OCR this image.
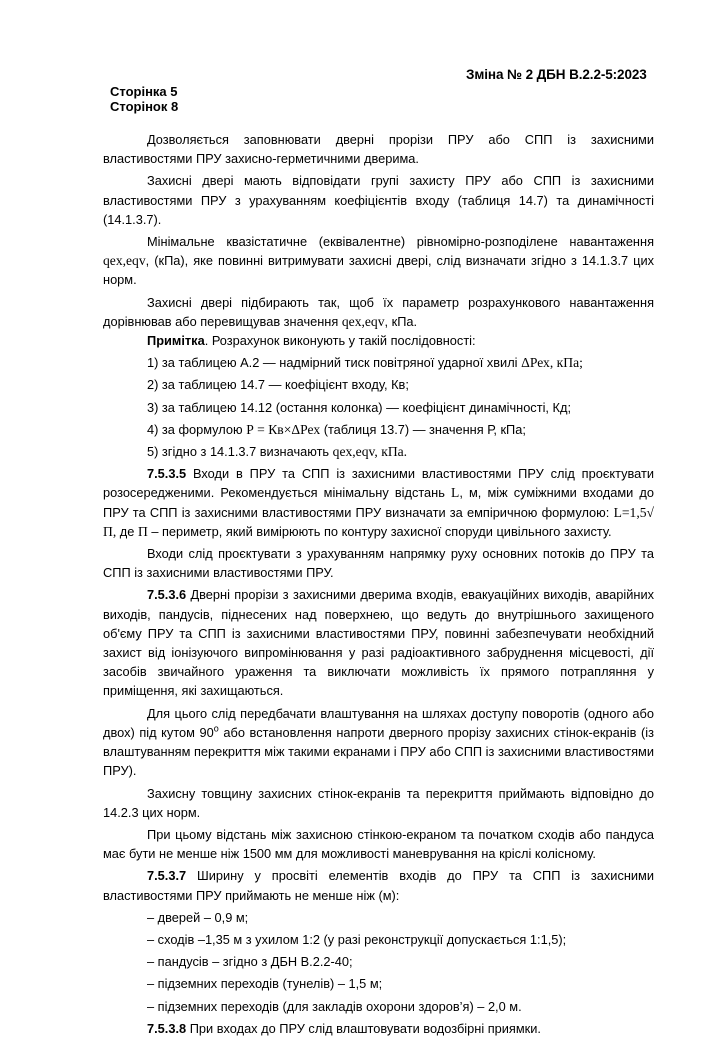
Зміна № 2 ДБН В.2.2-5:2023
Сторінка 5
Сторінок 8

Дозволяється заповнювати дверні прорізи ПРУ або СПП із захисними властивостями ПРУ захисно-герметичними дверима.

Захисні двері мають відповідати групі захисту ПРУ або СПП із захисними властивостями ПРУ з урахуванням коефіцієнтів входу (таблиця 14.7) та динамічності (14.1.3.7).

Мінімальне квазістатичне (еквівалентне) рівномірно-розподілене навантаження qex,eqv, (кПа), яке повинні витримувати захисні двері, слід визначати згідно з 14.1.3.7 цих норм.

Захисні двері підбирають так, щоб їх параметр розрахункового навантаження дорівнював або перевищував значення qex,eqv, кПа.

Примітка. Розрахунок виконують у такій послідовності:

1) за таблицею А.2 — надмірний тиск повітряної ударної хвилі ΔРех, кПа;

2) за таблицею 14.7 — коефіцієнт входу, Кв;

3) за таблицею 14.12 (остання колонка) — коефіцієнт динамічності, Кд;

4) за формулою Р = Кв×ΔРех (таблиця 13.7) — значення Р, кПа;

5) згідно з 14.1.3.7 визначають qex,eqv, кПа.

7.5.3.5 Входи в ПРУ та СПП із захисними властивостями ПРУ слід проєктувати розосередженими. Рекомендується мінімальну відстань L, м, між суміжними входами до ПРУ та СПП із захисними властивостями ПРУ визначати за емпіричною формулою: L=1,5√ П, де П – периметр, який вимірюють по контуру захисної споруди цивільного захисту.

Входи слід проєктувати з урахуванням напрямку руху основних потоків до ПРУ та СПП із захисними властивостями ПРУ.

7.5.3.6 Дверні прорізи з захисними дверима входів, евакуаційних виходів, аварійних виходів, пандусів, піднесених над поверхнею, що ведуть до внутрішнього захищеного об'єму ПРУ та СПП із захисними властивостями ПРУ, повинні забезпечувати необхідний захист від іонізуючого випромінювання у разі радіоактивного забруднення місцевості, дії засобів звичайного ураження та виключати можливість їх прямого потрапляння у приміщення, які захищаються.

Для цього слід передбачати влаштування на шляхах доступу поворотів (одного або двох) під кутом $90^о$ або встановлення напроти дверного прорізу захисних стінок-екранів (із влаштуванням перекриття між такими екранами і ПРУ або СПП із захисними властивостями ПРУ).

Захисну товщину захисних стінок-екранів та перекриття приймають відповідно до 14.2.3 цих норм.

При цьому відстань між захисною стінкою-екраном та початком сходів або пандуса має бути не менше ніж 1500 мм для можливості маневрування на кріслі колісному.

7.5.3.7 Ширину у просвіті елементів входів до ПРУ та СПП із захисними властивостями ПРУ приймають не менше ніж (м):

– дверей – 0,9 м;

– сходів –1,35 м з ухилом 1:2 (у разі реконструкції допускається 1:1,5);

– пандусів – згідно з ДБН В.2.2-40;

– підземних переходів (тунелів) – 1,5 м;

– підземних переходів (для закладів охорони здоров’я) – 2,0 м.

7.5.3.8 При входах до ПРУ слід влаштовувати водозбірні приямки.
